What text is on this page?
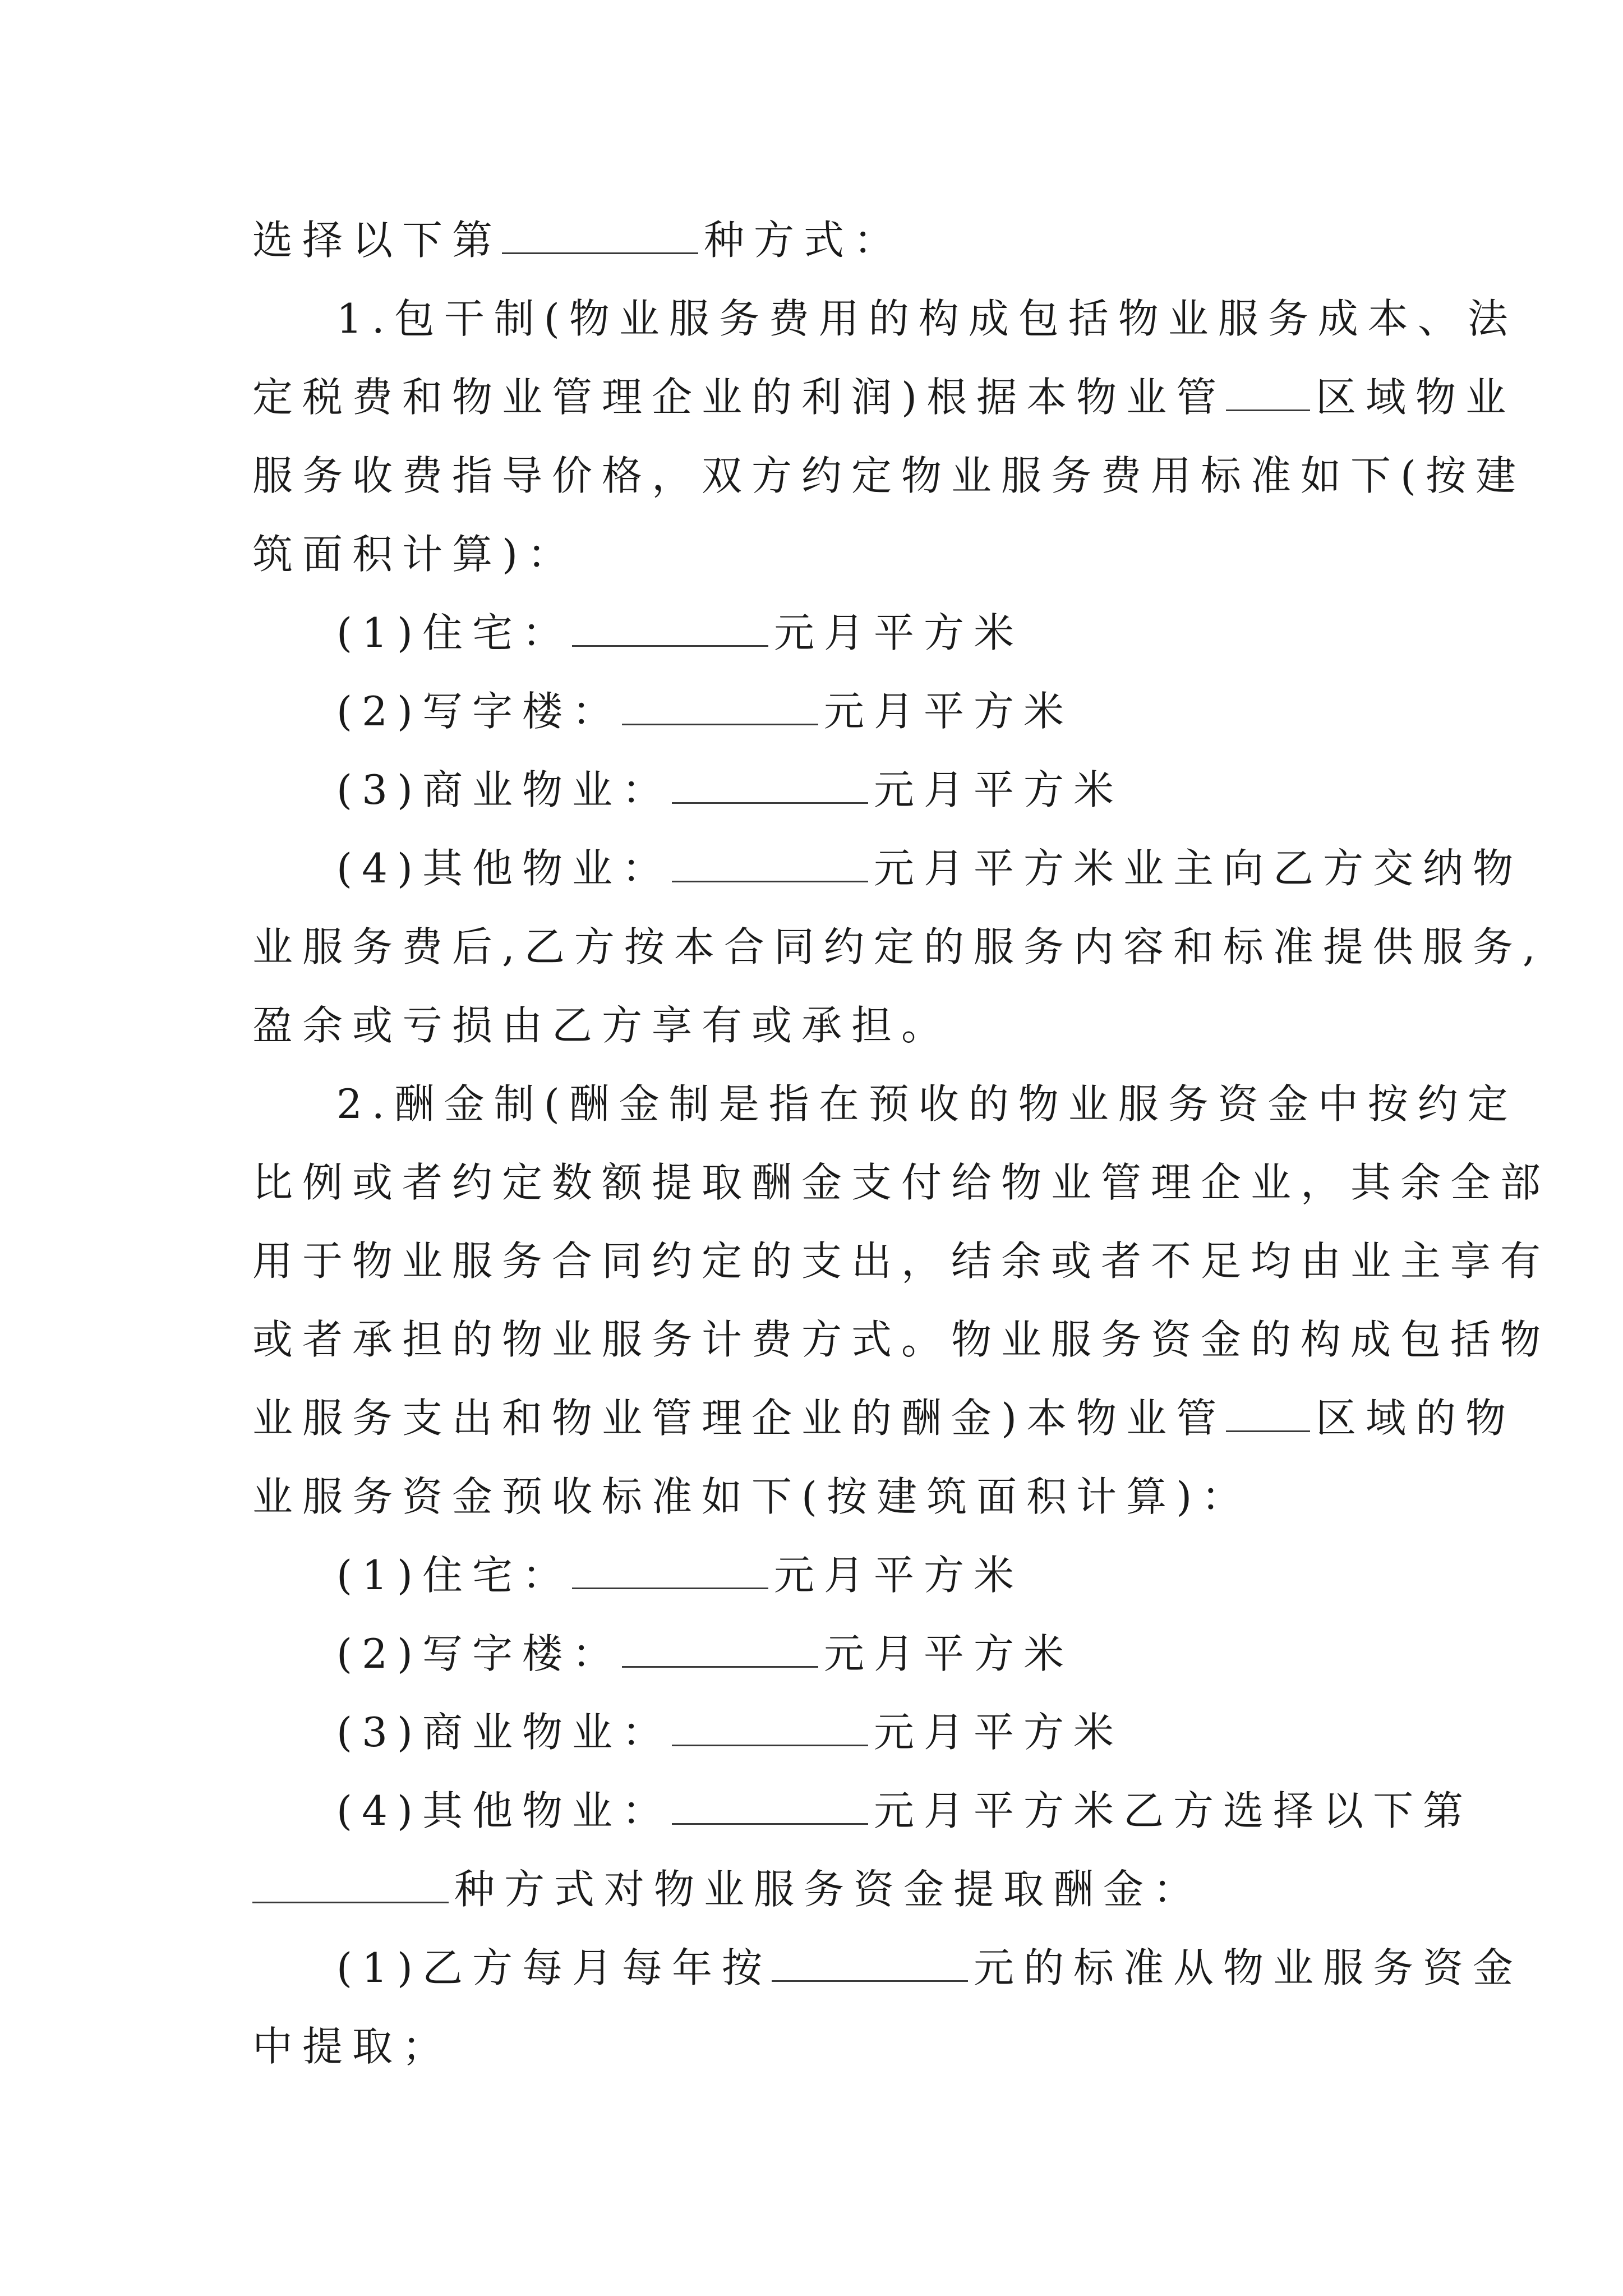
选择以下第	种方式：
1.包干制(物业服务费用的构成包括物业服务成本、法
定税费和物业管理企业的利润)根据本物业管 区域物业
服务收费指导价格，双方约定物业服务费用标准如下(按建
筑面积计算)：
(1)住宅：	元月平方米
(2)写字楼：	元月平方米
(3)商业物业：	元月平方米
(4)其他物业：	元月平方米业主向乙方交纳物
业服务费后,乙方按本合同约定的服务内容和标准提供服务,
盈余或亏损由乙方享有或承担。
2.酬金制(酬金制是指在预收的物业服务资金中按约定
比例或者约定数额提取酬金支付给物业管理企业，其余全部
用于物业服务合同约定的支出，结余或者不足均由业主享有
或者承担的物业服务计费方式。物业服务资金的构成包括物
业服务支出和物业管理企业的酬金)本物业管 区域的物
业服务资金预收标准如下(按建筑面积计算)：
(1)住宅：	元月平方米
(2)写字楼：	元月平方米
(3)商业物业：	元月平方米
(4)其他物业：	元月平方米乙方选择以下第
种方式对物业服务资金提取酬金：
(1)乙方每月每年按	元的标准从物业服务资金
中提取；
